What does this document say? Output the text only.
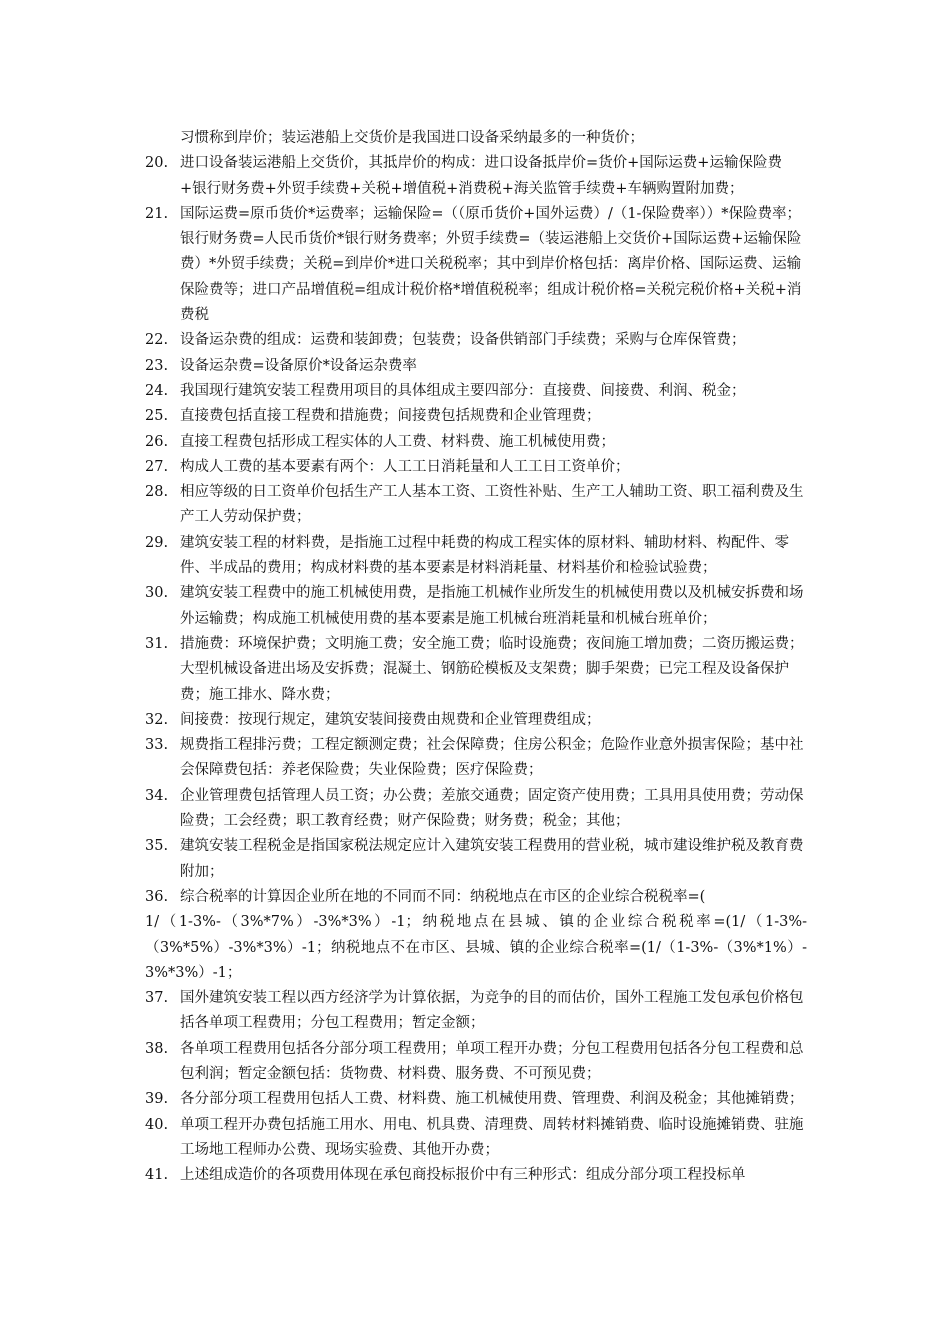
习惯称到岸价；装运港船上交货价是我国进口设备采纳最多的一种货价；

20. 进口设备装运港船上交货价，其抵岸价的构成：进口设备抵岸价=货价+国际运费+运输保险费+银行财务费+外贸手续费+关税+增值税+消费税+海关监管手续费+车辆购置附加费；
21. 国际运费=原币货价*运费率；运输保险=（（原币货价+国外运费）/（1-保险费率））*保险费率；银行财务费=人民币货价*银行财务费率；外贸手续费=（装运港船上交货价+国际运费+运输保险费）*外贸手续费；关税=到岸价*进口关税税率；其中到岸价格包括：离岸价格、国际运费、运输保险费等；进口产品增值税=组成计税价格*增值税税率；组成计税价格=关税完税价格+关税+消费税
22. 设备运杂费的组成：运费和装卸费；包装费；设备供销部门手续费；采购与仓库保管费；
23. 设备运杂费=设备原价*设备运杂费率
24. 我国现行建筑安装工程费用项目的具体组成主要四部分：直接费、间接费、利润、税金；
25. 直接费包括直接工程费和措施费；间接费包括规费和企业管理费；
26. 直接工程费包括形成工程实体的人工费、材料费、施工机械使用费；
27. 构成人工费的基本要素有两个：人工工日消耗量和人工工日工资单价；
28. 相应等级的日工资单价包括生产工人基本工资、工资性补贴、生产工人辅助工资、职工福利费及生产工人劳动保护费；
29. 建筑安装工程的材料费，是指施工过程中耗费的构成工程实体的原材料、辅助材料、构配件、零件、半成品的费用；构成材料费的基本要素是材料消耗量、材料基价和检验试验费；
30. 建筑安装工程费中的施工机械使用费，是指施工机械作业所发生的机械使用费以及机械安拆费和场外运输费；构成施工机械使用费的基本要素是施工机械台班消耗量和机械台班单价；
31. 措施费：环境保护费；文明施工费；安全施工费；临时设施费；夜间施工增加费；二资历搬运费；大型机械设备进出场及安拆费；混凝土、钢筋砼模板及支架费；脚手架费；已完工程及设备保护费；施工排水、降水费；
32. 间接费：按现行规定，建筑安装间接费由规费和企业管理费组成；
33. 规费指工程排污费；工程定额测定费；社会保障费；住房公积金；危险作业意外损害保险；基中社会保障费包括：养老保险费；失业保险费；医疗保险费；
34. 企业管理费包括管理人员工资；办公费；差旅交通费；固定资产使用费；工具用具使用费；劳动保险费；工会经费；职工教育经费；财产保险费；财务费；税金；其他；
35. 建筑安装工程税金是指国家税法规定应计入建筑安装工程费用的营业税，城市建设维护税及教育费附加；
36. 综合税率的计算因企业所在地的不同而不同：纳税地点在市区的企业综合税税率=(
1/（1-3%-（3%*7%）-3%*3%）-1；纳税地点在县城、镇的企业综合税税率=(1/（1-3%-
（3%*5%）-3%*3%）-1；纳税地点不在市区、县城、镇的企业综合税率=(1/（1-3%-（3%*1%）-
3%*3%）-1；
37. 国外建筑安装工程以西方经济学为计算依据，为竞争的目的而估价，国外工程施工发包承包价格包括各单项工程费用；分包工程费用；暂定金额；
38. 各单项工程费用包括各分部分项工程费用；单项工程开办费；分包工程费用包括各分包工程费和总包利润；暂定金额包括：货物费、材料费、服务费、不可预见费；
39. 各分部分项工程费用包括人工费、材料费、施工机械使用费、管理费、利润及税金；其他摊销费；
40. 单项工程开办费包括施工用水、用电、机具费、清理费、周转材料摊销费、临时设施摊销费、驻施工场地工程师办公费、现场实验费、其他开办费；
41. 上述组成造价的各项费用体现在承包商投标报价中有三种形式：组成分部分项工程投标单
